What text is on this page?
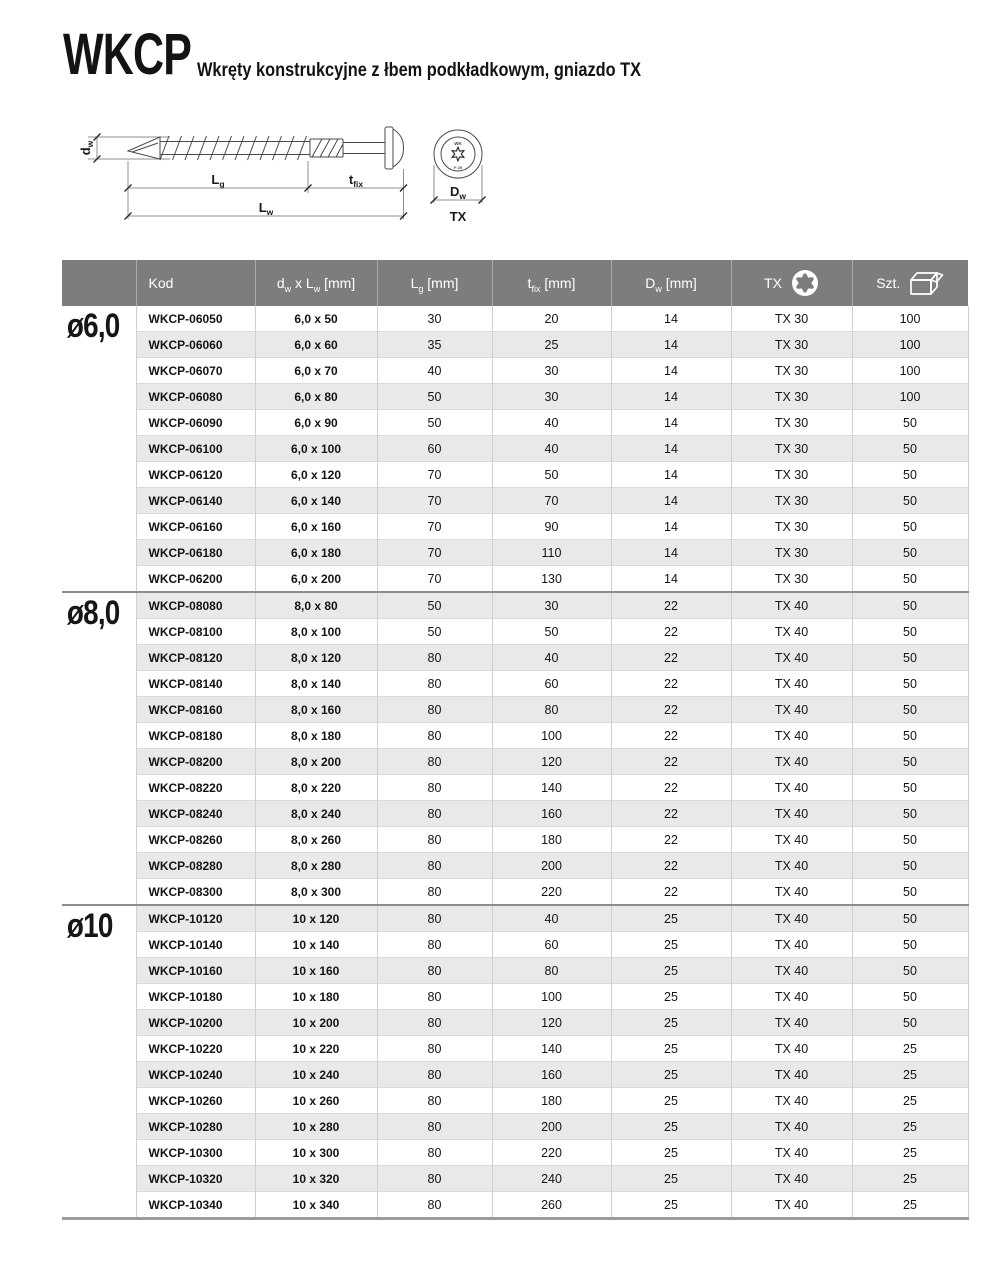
WKCP Wkręty konstrukcyjne z łbem podkładkowym, gniazdo TX
$d_w$
$L_g$	$t_{fix}$
$L_w$
WK
F 25
$D_w$
TX
	Kod	$d_w$ x $L_w$ [mm]	$L_g$ [mm]	$t_{fix}$ [mm]	$D_w$ [mm]	TX	Szt.

ø6,0	WKCP-06050	6,0 x 50	30	20	14	TX 30	100
	WKCP-06060	6,0 x 60	35	25	14	TX 30	100
	WKCP-06070	6,0 x 70	40	30	14	TX 30	100
	WKCP-06080	6,0 x 80	50	30	14	TX 30	100
	WKCP-06090	6,0 x 90	50	40	14	TX 30	50
	WKCP-06100	6,0 x 100	60	40	14	TX 30	50
	WKCP-06120	6,0 x 120	70	50	14	TX 30	50
	WKCP-06140	6,0 x 140	70	70	14	TX 30	50
	WKCP-06160	6,0 x 160	70	90	14	TX 30	50
	WKCP-06180	6,0 x 180	70	110	14	TX 30	50
	WKCP-06200	6,0 x 200	70	130	14	TX 30	50
ø8,0	WKCP-08080	8,0 x 80	50	30	22	TX 40	50
	WKCP-08100	8,0 x 100	50	50	22	TX 40	50
	WKCP-08120	8,0 x 120	80	40	22	TX 40	50
	WKCP-08140	8,0 x 140	80	60	22	TX 40	50
	WKCP-08160	8,0 x 160	80	80	22	TX 40	50
	WKCP-08180	8,0 x 180	80	100	22	TX 40	50
	WKCP-08200	8,0 x 200	80	120	22	TX 40	50
	WKCP-08220	8,0 x 220	80	140	22	TX 40	50
	WKCP-08240	8,0 x 240	80	160	22	TX 40	50
	WKCP-08260	8,0 x 260	80	180	22	TX 40	50
	WKCP-08280	8,0 x 280	80	200	22	TX 40	50
	WKCP-08300	8,0 x 300	80	220	22	TX 40	50
ø10	WKCP-10120	10 x 120	80	40	25	TX 40	50
	WKCP-10140	10 x 140	80	60	25	TX 40	50
	WKCP-10160	10 x 160	80	80	25	TX 40	50
	WKCP-10180	10 x 180	80	100	25	TX 40	50
	WKCP-10200	10 x 200	80	120	25	TX 40	50
	WKCP-10220	10 x 220	80	140	25	TX 40	25
	WKCP-10240	10 x 240	80	160	25	TX 40	25
	WKCP-10260	10 x 260	80	180	25	TX 40	25
	WKCP-10280	10 x 280	80	200	25	TX 40	25
	WKCP-10300	10 x 300	80	220	25	TX 40	25
	WKCP-10320	10 x 320	80	240	25	TX 40	25
	WKCP-10340	10 x 340	80	260	25	TX 40	25
